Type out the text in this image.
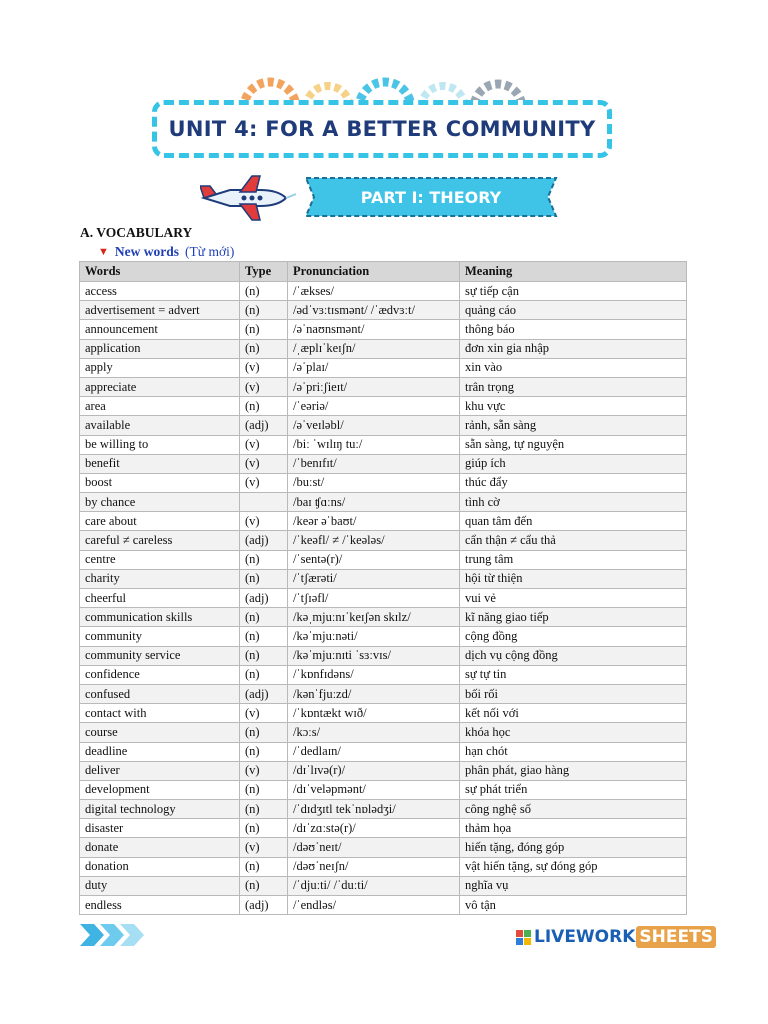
UNIT 4: FOR A BETTER COMMUNITY
PART I: THEORY
A. VOCABULARY
▼ New words (Từ mới)
Words	Type	Pronunciation	Meaning
access	(n)	/ˈækses/	sự tiếp cận
advertisement = advert	(n)	/ədˈvɜːtɪsmənt/ /ˈædvɜːt/	quảng cáo
announcement	(n)	/əˈnaʊnsmənt/	thông báo
application	(n)	/ˌæplɪˈkeɪʃn/	đơn xin gia nhập
apply	(v)	/əˈplaɪ/	xin vào
appreciate	(v)	/əˈpriːʃieɪt/	trân trọng
area	(n)	/ˈeəriə/	khu vực
available	(adj)	/əˈveɪləbl/	rảnh, sẵn sàng
be willing to	(v)	/biː ˈwɪlɪŋ tuː/	sẵn sàng, tự nguyện
benefit	(v)	/ˈbenɪfɪt/	giúp ích
boost	(v)	/buːst/	thúc đẩy
by chance		/baɪ ʧɑːns/	tình cờ
care about	(v)	/keər əˈbaʊt/	quan tâm đến
careful ≠ careless	(adj)	/ˈkeəfl/ ≠ /ˈkeələs/	cẩn thận ≠ cẩu thả
centre	(n)	/ˈsentə(r)/	trung tâm
charity	(n)	/ˈtʃærəti/	hội từ thiện
cheerful	(adj)	/ˈtʃɪəfl/	vui vẻ
communication skills	(n)	/kəˌmjuːnɪˈkeɪʃən skɪlz/	kĩ năng giao tiếp
community	(n)	/kəˈmjuːnəti/	cộng đồng
community service	(n)	/kəˈmjuːnɪti ˈsɜːvɪs/	dịch vụ cộng đồng
confidence	(n)	/ˈkɒnfɪdəns/	sự tự tin
confused	(adj)	/kənˈfjuːzd/	bối rối
contact with	(v)	/ˈkɒntækt wɪð/	kết nối với
course	(n)	/kɔːs/	khóa học
deadline	(n)	/ˈdedlaɪn/	hạn chót
deliver	(v)	/dɪˈlɪvə(r)/	phân phát, giao hàng
development	(n)	/dɪˈveləpmənt/	sự phát triển
digital technology	(n)	/ˈdɪdʒɪtl tekˈnɒlədʒi/	công nghệ số
disaster	(n)	/dɪˈzɑːstə(r)/	thảm họa
donate	(v)	/dəʊˈneɪt/	hiến tặng, đóng góp
donation	(n)	/dəʊˈneɪʃn/	vật hiến tặng, sự đóng góp
duty	(n)	/ˈdjuːti/ /ˈduːti/	nghĩa vụ
endless	(adj)	/ˈendləs/	vô tận
LIVEWORK SHEETS
